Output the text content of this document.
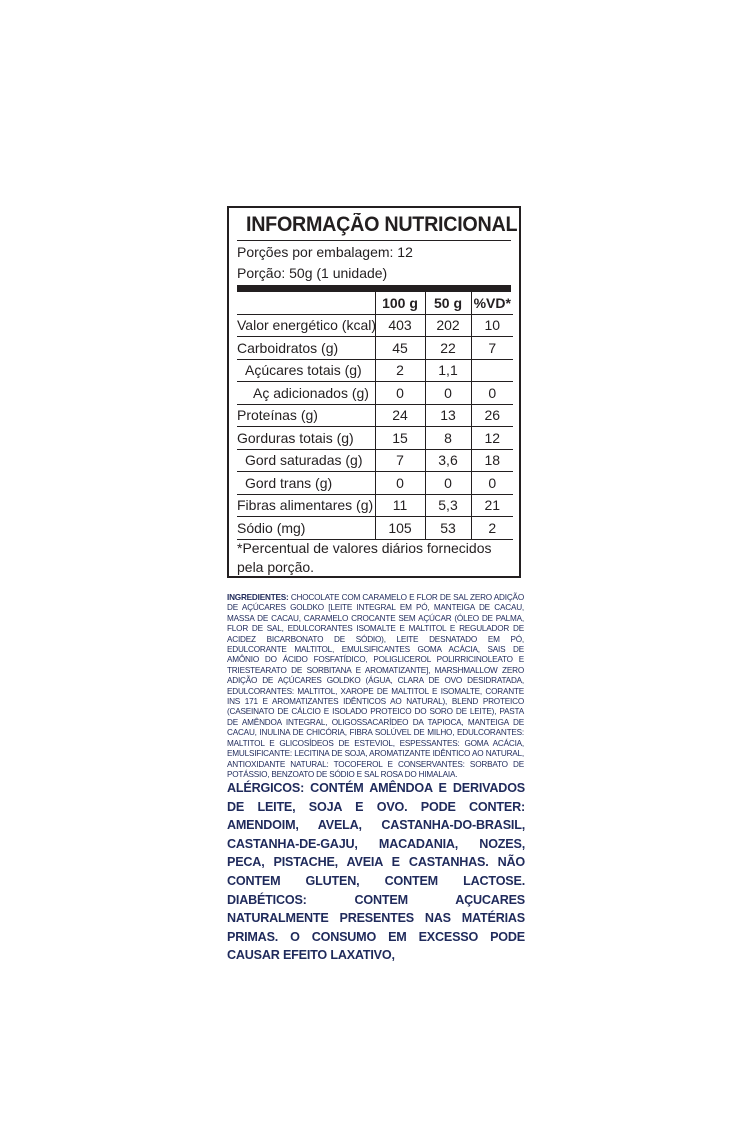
INFORMAÇÃO NUTRICIONAL
Porções por embalagem: 12
Porção: 50g (1 unidade)
	100 g	50 g	%VD*
Valor energético (kcal)	403	202	10
Carboidratos (g)	45	22	7
Açúcares totais (g)	2	1,1	
Aç adicionados (g)	0	0	0
Proteínas (g)	24	13	26
Gorduras totais (g)	15	8	12
Gord saturadas (g)	7	3,6	18
Gord trans (g)	0	0	0
Fibras alimentares (g)	11	5,3	21
Sódio (mg)	105	53	2
*Percentual de valores diários fornecidos pela porção.
INGREDIENTES: CHOCOLATE COM CARAMELO E FLOR DE SAL ZERO ADIÇÃO DE AÇÚCARES GOLDKO [LEITE INTEGRAL EM PÓ, MANTEIGA DE CACAU, MASSA DE CACAU, CARAMELO CROCANTE SEM AÇÚCAR (ÓLEO DE PALMA, FLOR DE SAL, EDULCORANTES ISOMALTE E MALTITOL E REGULADOR DE ACIDEZ BICARBONATO DE SÓDIO), LEITE DESNATADO EM PÓ, EDULCORANTE MALTITOL, EMULSIFICANTES GOMA ACÁCIA, SAIS DE AMÔNIO DO ÁCIDO FOSFATÍDICO, POLIGLICEROL POLIRRICINOLEATO E TRIESTEARATO DE SORBITANA E AROMATIZANTE], MARSHMALLOW ZERO ADIÇÃO DE AÇÚCARES GOLDKO (ÁGUA, CLARA DE OVO DESIDRATADA, EDULCORANTES: MALTITOL, XAROPE DE MALTITOL E ISOMALTE, CORANTE INS 171 E AROMATIZANTES IDÊNTICOS AO NATURAL), BLEND PROTEICO (CASEINATO DE CÁLCIO E ISOLADO PROTEICO DO SORO DE LEITE), PASTA DE AMÊNDOA INTEGRAL, OLIGOSSACARÍDEO DA TAPIOCA, MANTEIGA DE CACAU, INULINA DE CHICÓRIA, FIBRA SOLÚVEL DE MILHO, EDULCORANTES: MALTITOL E GLICOSÍDEOS DE ESTEVIOL, ESPESSANTES: GOMA ACÁCIA, EMULSIFICANTE: LECITINA DE SOJA, AROMATIZANTE IDÊNTICO AO NATURAL, ANTIOXIDANTE NATURAL: TOCOFEROL E CONSERVANTES: SORBATO DE POTÁSSIO, BENZOATO DE SÓDIO E SAL ROSA DO HIMALAIA.
ALÉRGICOS: CONTÉM AMÊNDOA E DERIVADOS DE LEITE, SOJA E OVO. PODE CONTER: AMENDOIM, AVELA, CASTANHA-DO-BRASIL, CASTANHA-DE-GAJU, MACADANIA, NOZES, PECA, PISTACHE, AVEIA E CASTANHAS. NÃO CONTEM GLUTEN, CONTEM LACTOSE. DIABÉTICOS: CONTEM AÇUCARES NATURALMENTE PRESENTES NAS MATÉRIAS PRIMAS. O CONSUMO EM EXCESSO PODE CAUSAR EFEITO LAXATIVO,
